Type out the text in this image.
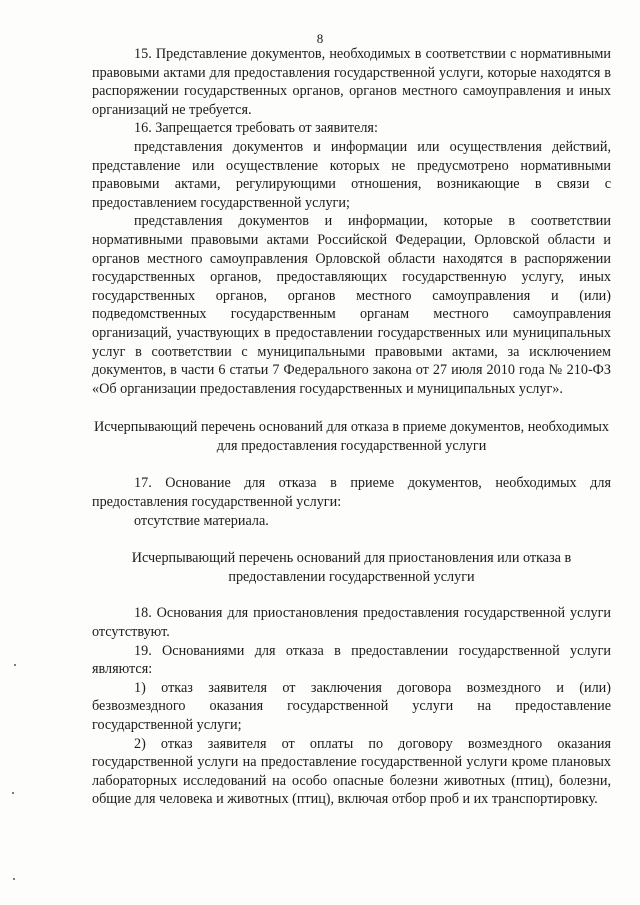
8

15. Представление документов, необходимых в соответствии с нормативными правовыми актами для предоставления государственной услуги, которые находятся в распоряжении государственных органов, органов местного самоуправления и иных организаций не требуется.

16. Запрещается требовать от заявителя:

представления документов и информации или осуществления действий, представление или осуществление которых не предусмотрено нормативными правовыми актами, регулирующими отношения, возникающие в связи с предоставлением государственной услуги;

представления документов и информации, которые в соответствии нормативными правовыми актами Российской Федерации, Орловской области и органов местного самоуправления Орловской области находятся в распоряжении государственных органов, предоставляющих государственную услугу, иных государственных органов, органов местного самоуправления и (или) подведомственных государственным органам местного самоуправления организаций, участвующих в предоставлении государственных или муниципальных услуг в соответствии с муниципальными правовыми актами, за исключением документов, в части 6 статьи 7 Федерального закона от 27 июля 2010 года № 210-ФЗ «Об организации предоставления государственных и муниципальных услуг».

Исчерпывающий перечень оснований для отказа в приеме документов, необходимых для предоставления государственной услуги

17. Основание для отказа в приеме документов, необходимых для предоставления государственной услуги:

отсутствие материала.

Исчерпывающий перечень оснований для приостановления или отказа в предоставлении государственной услуги

18. Основания для приостановления предоставления государственной услуги отсутствуют.

19. Основаниями для отказа в предоставлении государственной услуги являются:

1) отказ заявителя от заключения договора возмездного и (или) безвозмездного оказания государственной услуги на предоставление государственной услуги;

2) отказ заявителя от оплаты по договору возмездного оказания государственной услуги на предоставление государственной услуги кроме плановых лабораторных исследований на особо опасные болезни животных (птиц), болезни, общие для человека и животных (птиц), включая отбор проб и их транспортировку.
